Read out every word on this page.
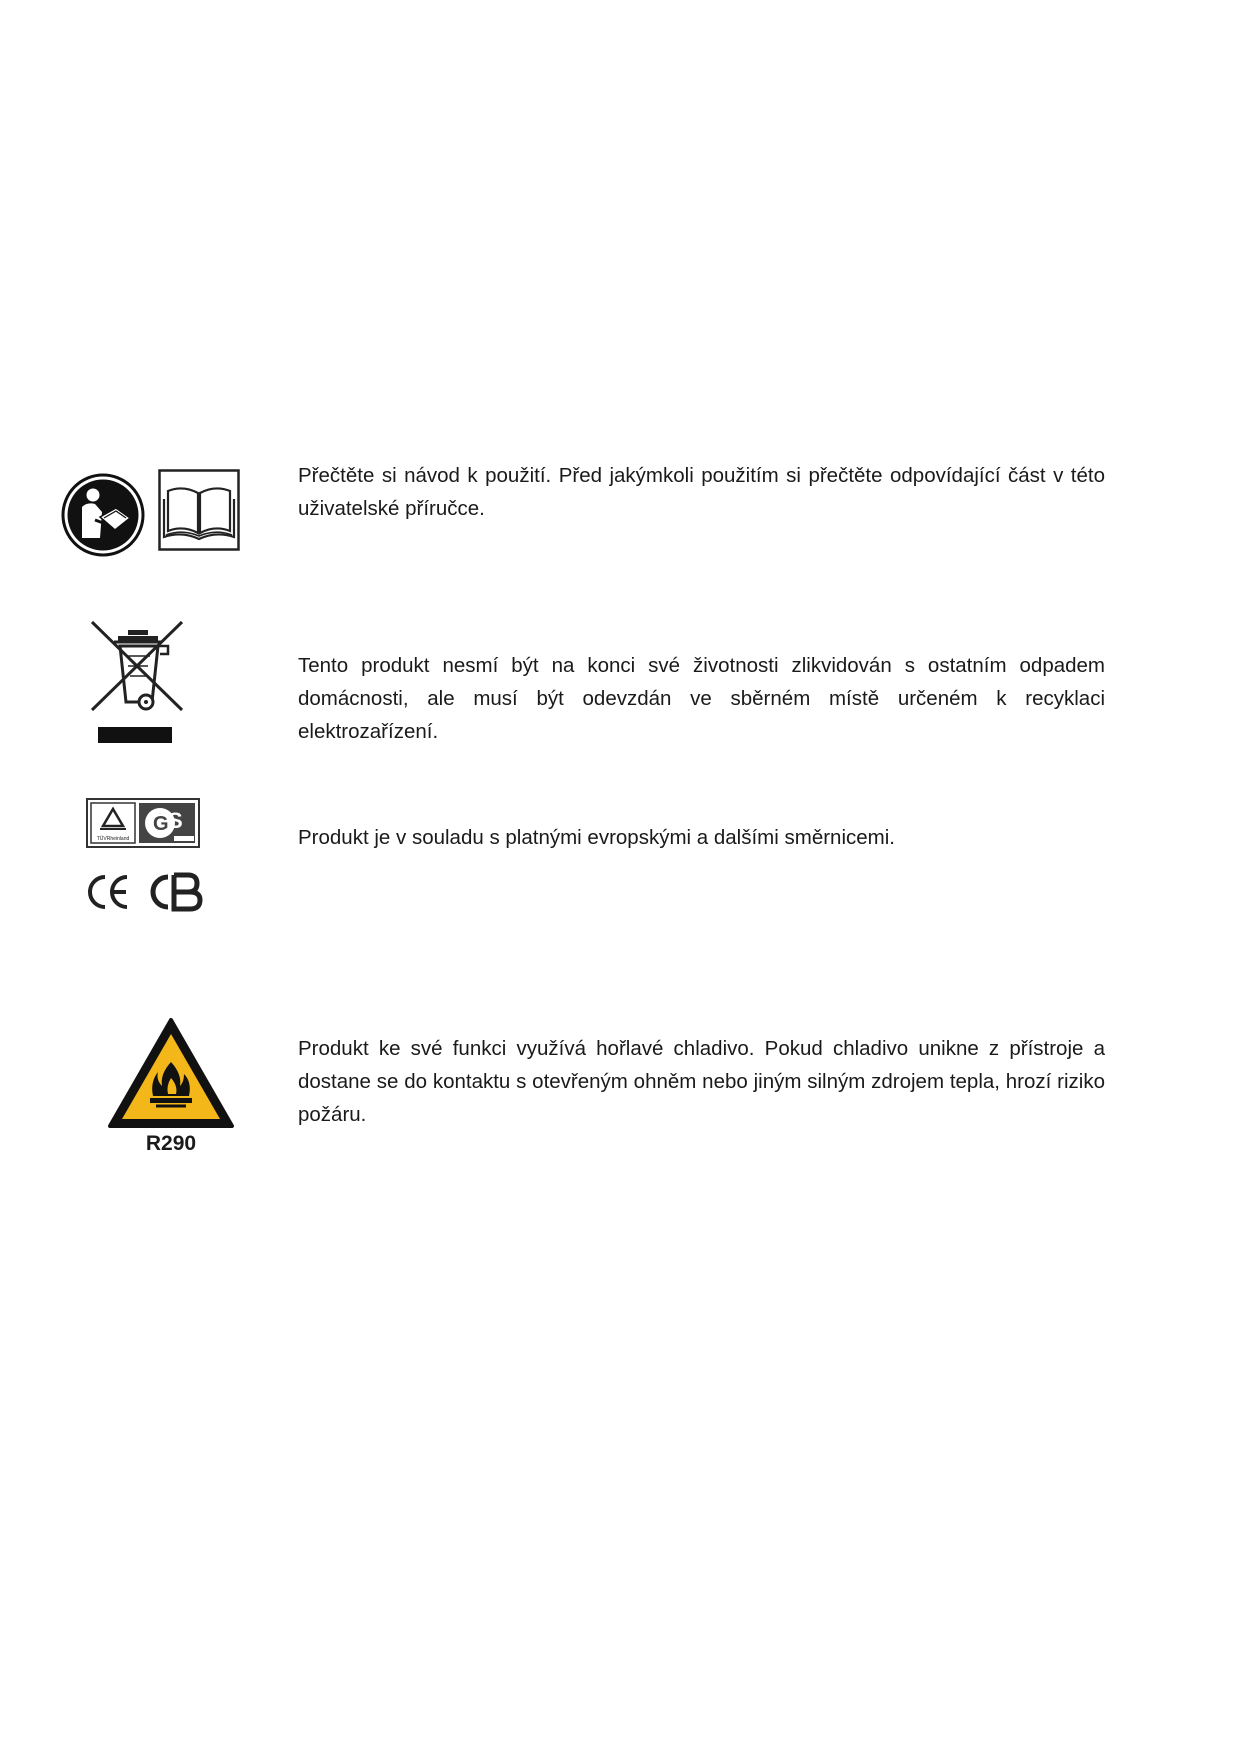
Přečtěte si návod k použití. Před jakýmkoli použitím si přečtěte odpovídající část v této uživatelské příručce.

Tento produkt nesmí být na konci své životnosti zlikvidován s ostatním odpadem domácnosti, ale musí být odevzdán ve sběrném místě určeném k recyklaci elektrozařízení.

TÜVRheinland
G S

Produkt je v souladu s platnými evropskými a dalšími směrnicemi.

R290

Produkt ke své funkci využívá hořlavé chladivo. Pokud chladivo unikne z přístroje a dostane se do kontaktu s otevřeným ohněm nebo jiným silným zdrojem tepla, hrozí riziko požáru.
